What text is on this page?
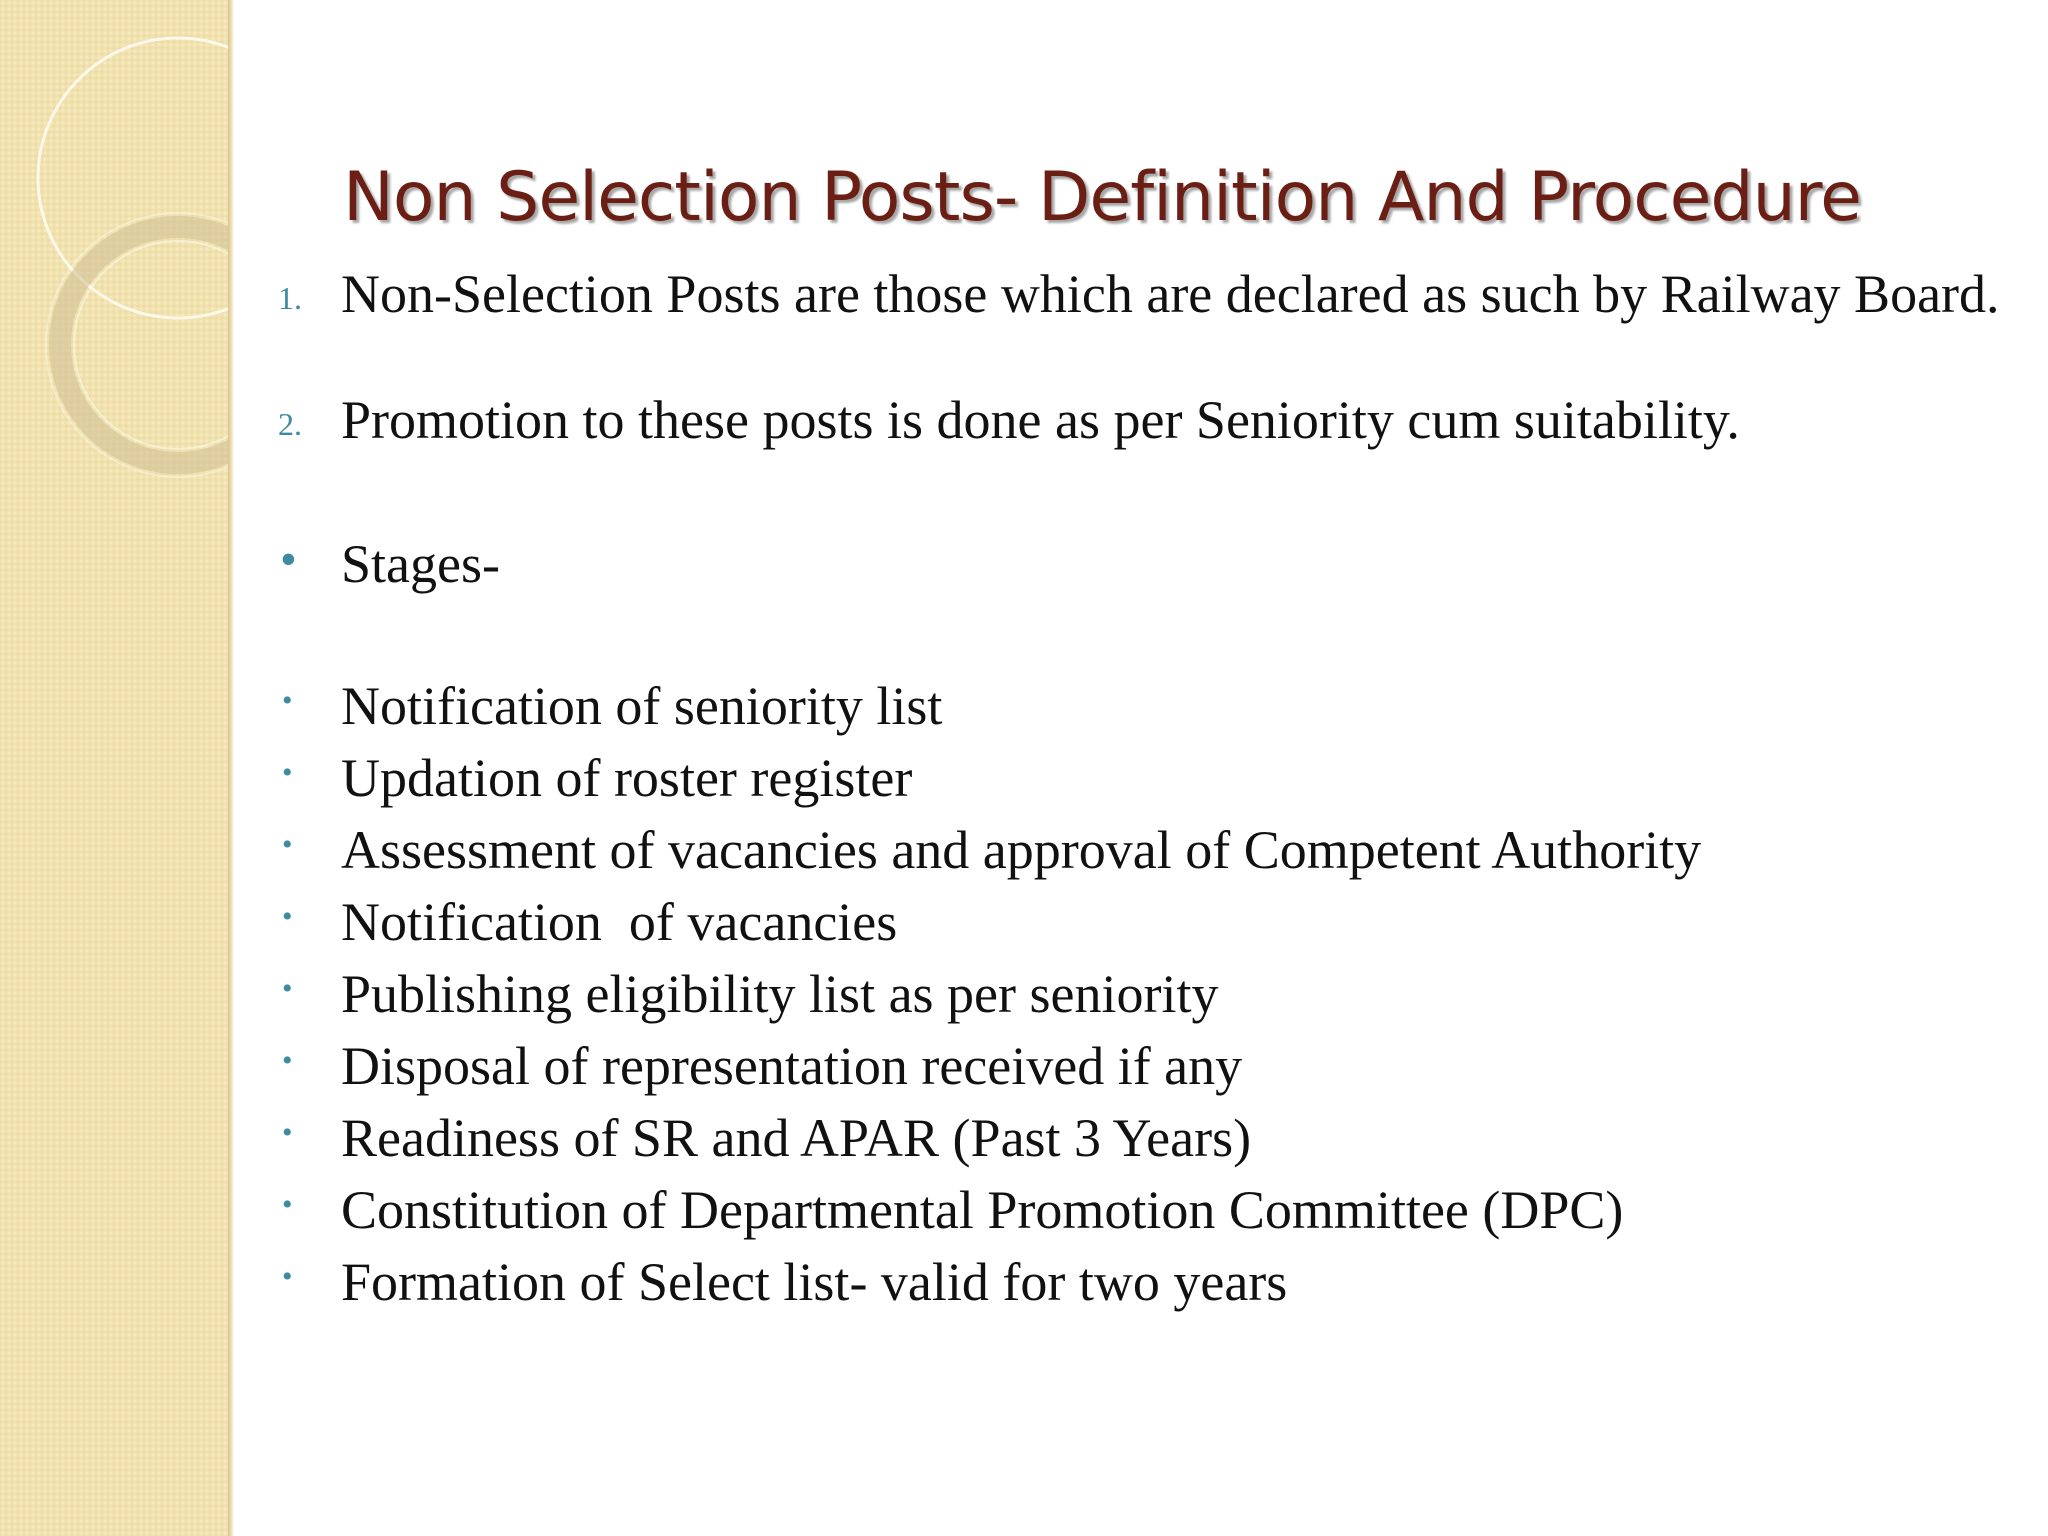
Non Selection Posts- Definition And Procedure
1. Non-Selection Posts are those which are declared as such by Railway Board.
2. Promotion to these posts is done as per Seniority cum suitability.
• Stages-
• Notification of seniority list
• Updation of roster register
• Assessment of vacancies and approval of Competent Authority
• Notification  of vacancies
• Publishing eligibility list as per seniority
• Disposal of representation received if any
• Readiness of SR and APAR (Past 3 Years)
• Constitution of Departmental Promotion Committee (DPC)
• Formation of Select list- valid for two years
